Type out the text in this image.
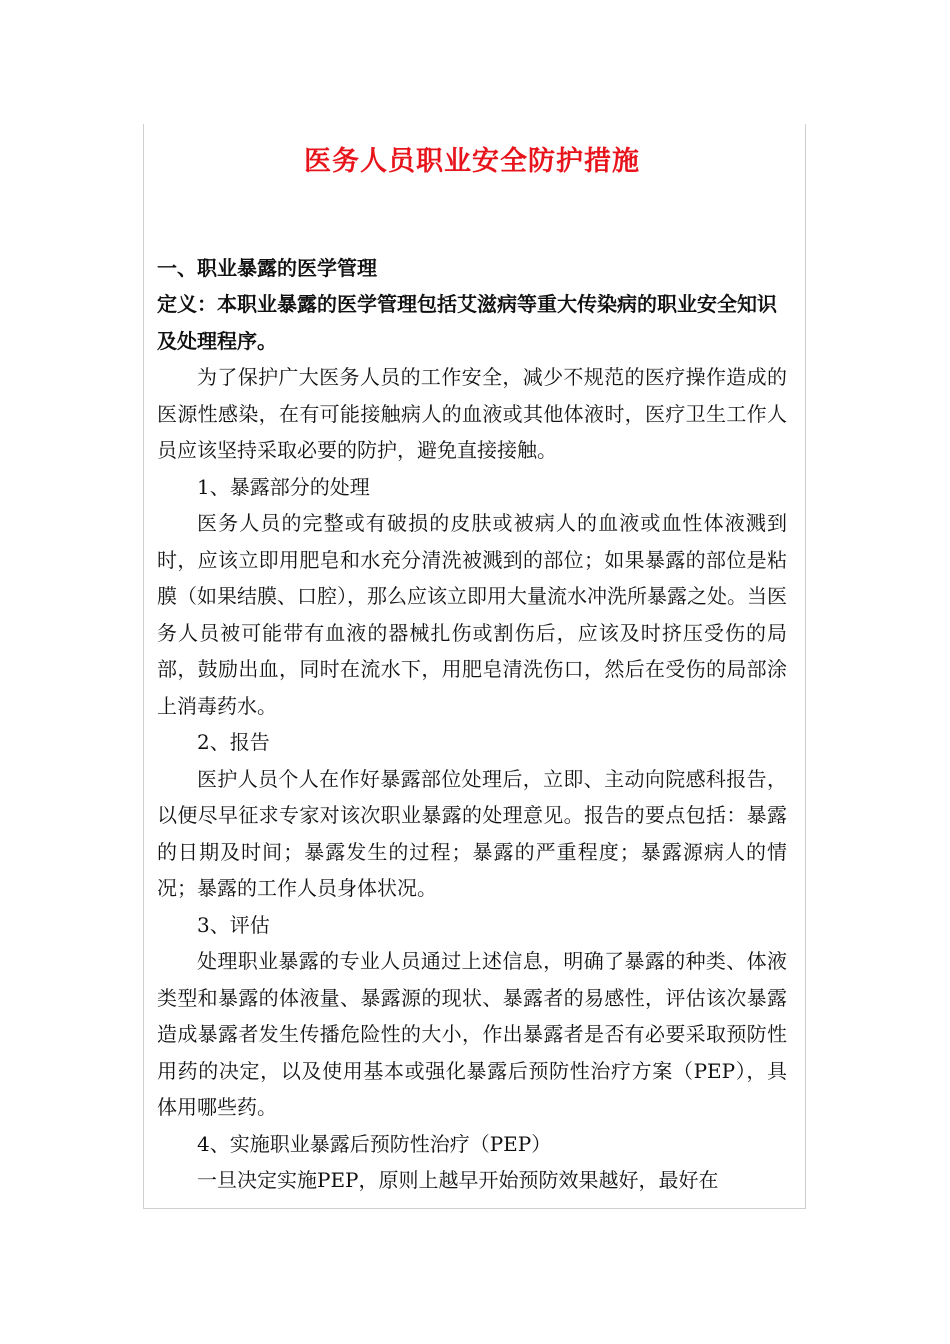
医务人员职业安全防护措施

一、职业暴露的医学管理

定义：本职业暴露的医学管理包括艾滋病等重大传染病的职业安全知识及处理程序。

为了保护广大医务人员的工作安全，减少不规范的医疗操作造成的医源性感染，在有可能接触病人的血液或其他体液时，医疗卫生工作人员应该坚持采取必要的防护，避免直接接触。

1、暴露部分的处理

医务人员的完整或有破损的皮肤或被病人的血液或血性体液溅到时，应该立即用肥皂和水充分清洗被溅到的部位；如果暴露的部位是粘膜（如果结膜、口腔），那么应该立即用大量流水冲洗所暴露之处。当医务人员被可能带有血液的器械扎伤或割伤后，应该及时挤压受伤的局部，鼓励出血，同时在流水下，用肥皂清洗伤口，然后在受伤的局部涂上消毒药水。

2、报告

医护人员个人在作好暴露部位处理后，立即、主动向院感科报告，以便尽早征求专家对该次职业暴露的处理意见。报告的要点包括：暴露的日期及时间；暴露发生的过程；暴露的严重程度；暴露源病人的情况；暴露的工作人员身体状况。

3、评估

处理职业暴露的专业人员通过上述信息，明确了暴露的种类、体液类型和暴露的体液量、暴露源的现状、暴露者的易感性，评估该次暴露造成暴露者发生传播危险性的大小，作出暴露者是否有必要采取预防性用药的决定，以及使用基本或强化暴露后预防性治疗方案（PEP），具体用哪些药。

4、实施职业暴露后预防性治疗（PEP）

一旦决定实施PEP，原则上越早开始预防效果越好，最好在
